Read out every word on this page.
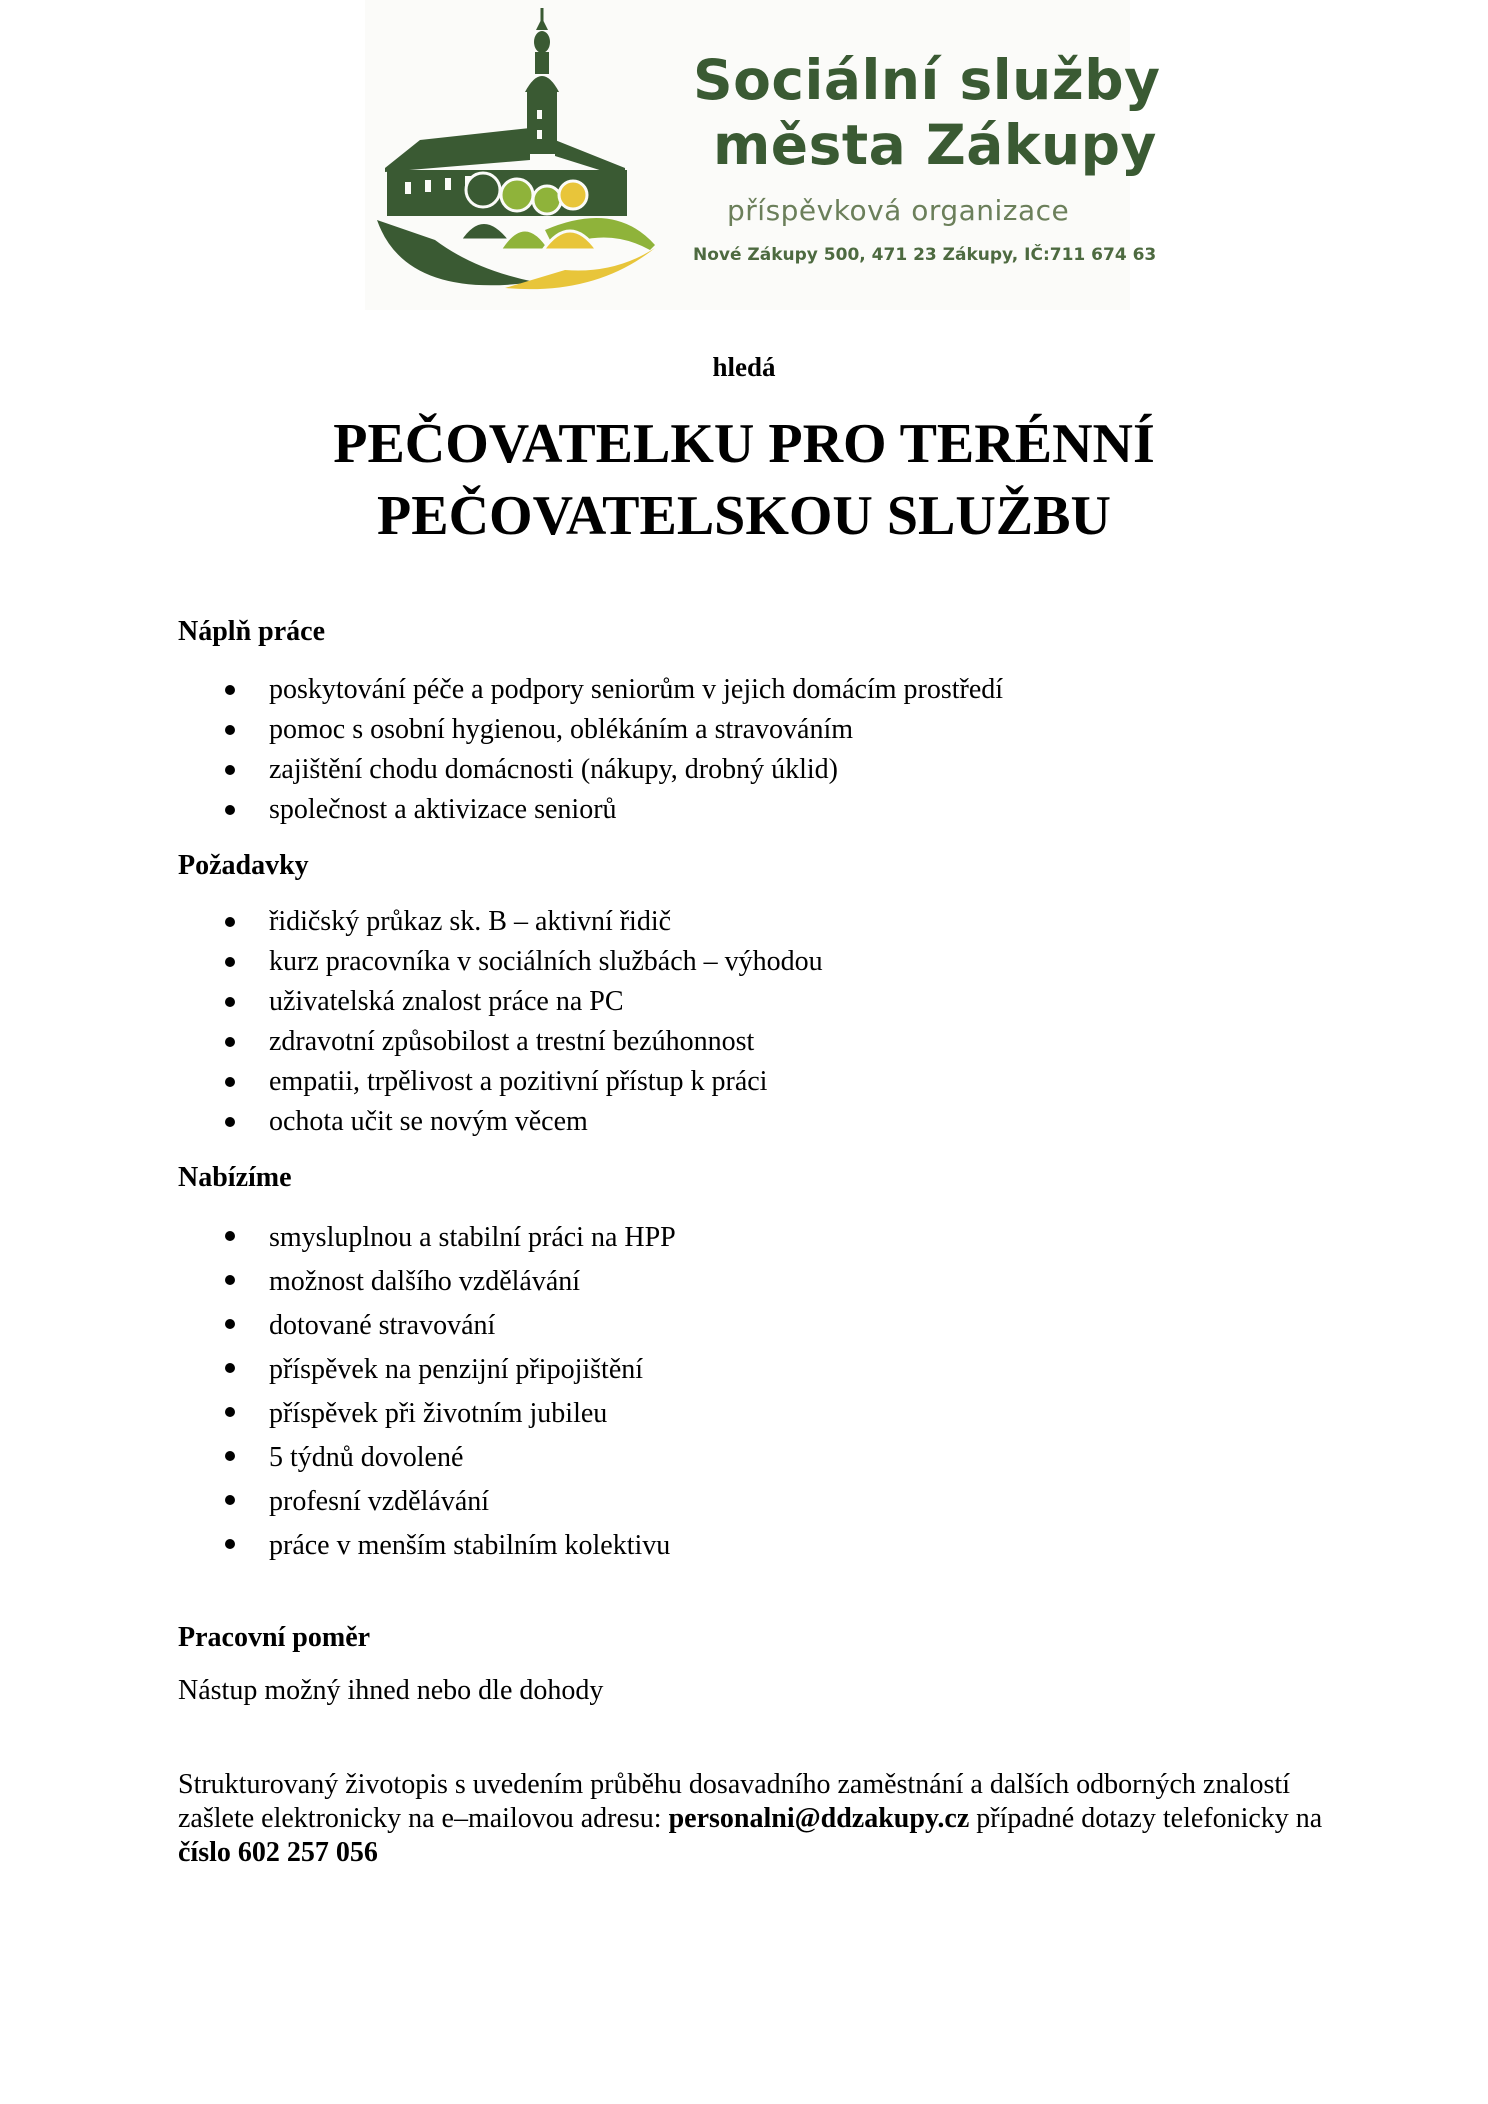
Sociální služby
města Zákupy
příspěvková organizace
Nové Zákupy 500, 471 23 Zákupy, IČ:711 674 63
hledá
PEČOVATELKU PRO TERÉNNÍ
PEČOVATELSKOU SLUŽBU
Náplň práce
poskytování péče a podpory seniorům v jejich domácím prostředí
pomoc s osobní hygienou, oblékáním a stravováním
zajištění chodu domácnosti (nákupy, drobný úklid)
společnost a aktivizace seniorů
Požadavky
řidičský průkaz sk. B – aktivní řidič
kurz pracovníka v sociálních službách – výhodou
uživatelská znalost práce na PC
zdravotní způsobilost a trestní bezúhonnost
empatii, trpělivost a pozitivní přístup k práci
ochota učit se novým věcem
Nabízíme
smysluplnou a stabilní práci na HPP
možnost dalšího vzdělávání
dotované stravování
příspěvek na penzijní připojištění
příspěvek při životním jubileu
5 týdnů dovolené
profesní vzdělávání
práce v menším stabilním kolektivu
Pracovní poměr

Nástup možný ihned nebo dle dohody

Strukturovaný životopis s uvedením průběhu dosavadního zaměstnání a dalších odborných znalostí zašlete elektronicky na e–mailovou adresu: personalni@ddzakupy.cz případné dotazy telefonicky na číslo 602 257 056
